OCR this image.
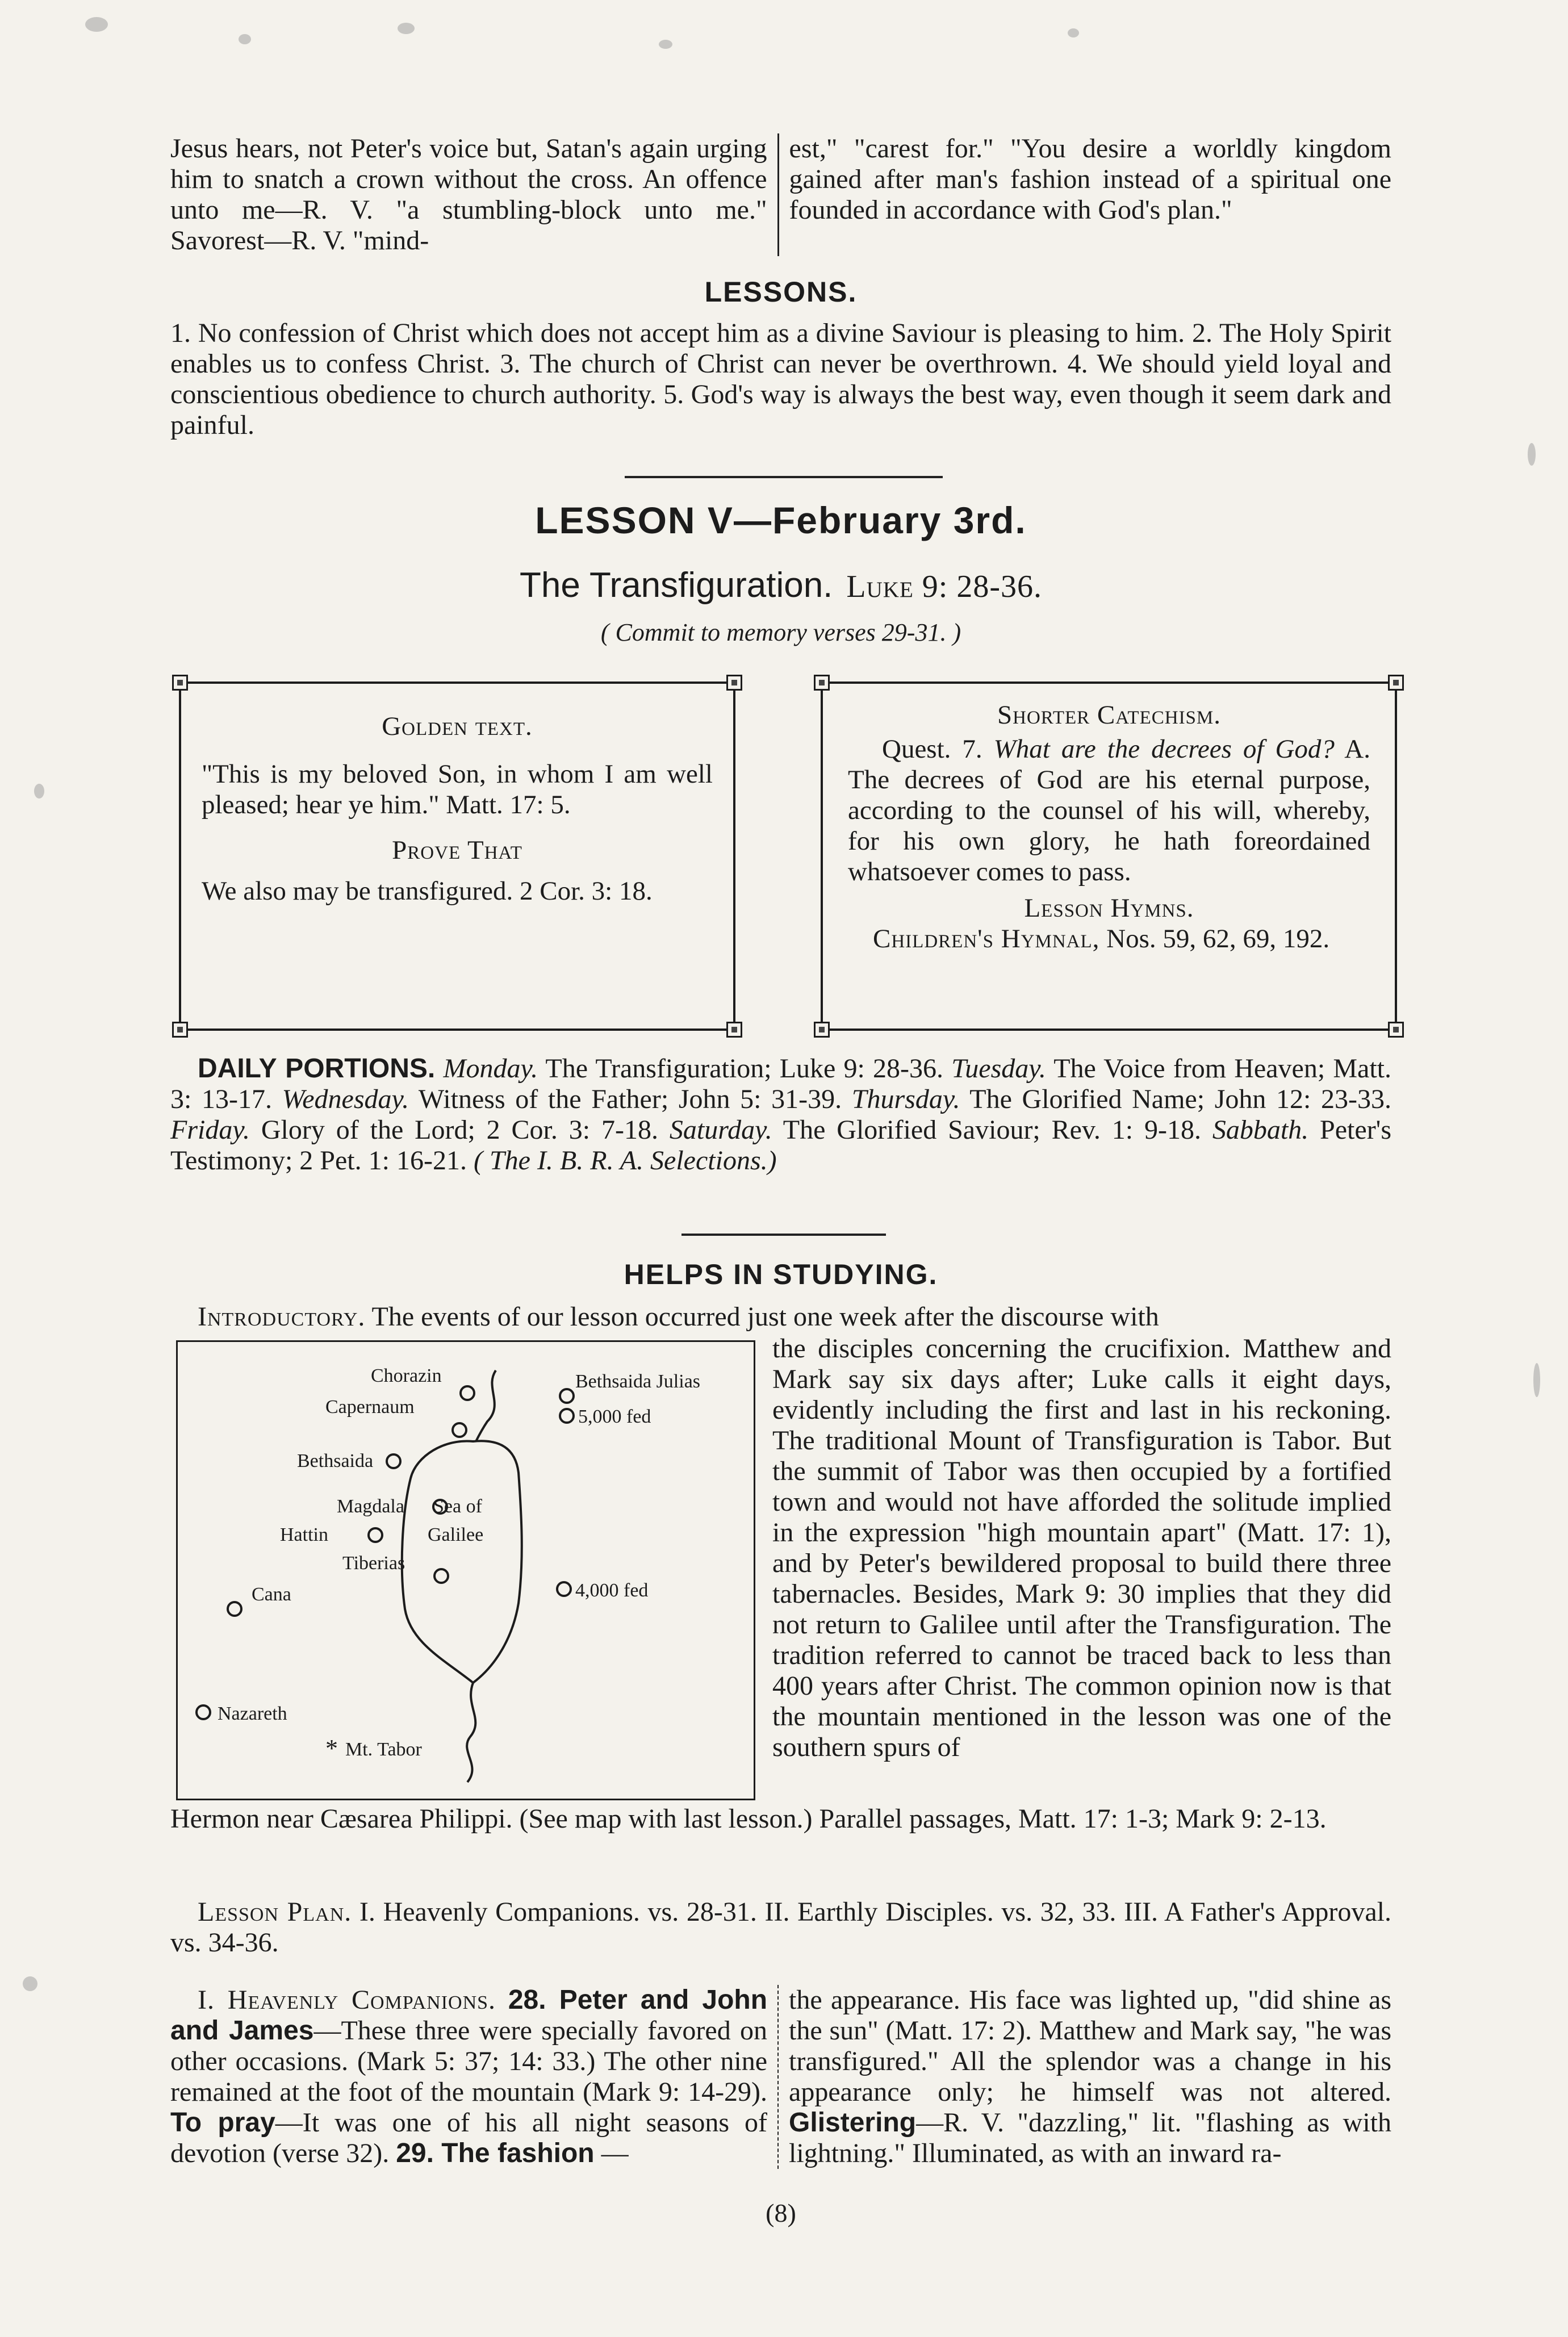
Jesus hears, not Peter's voice but, Satan's again urging him to snatch a crown without the cross. An offence unto me—R. V. "a stumbling-block unto me." Savorest—R. V. "mind-

est," "carest for." "You desire a worldly kingdom gained after man's fashion instead of a spiritual one founded in accordance with God's plan."

LESSONS.

1. No confession of Christ which does not accept him as a divine Saviour is pleasing to him. 2. The Holy Spirit enables us to confess Christ. 3. The church of Christ can never be overthrown. 4. We should yield loyal and conscientious obedience to church authority. 5. God's way is always the best way, even though it seem dark and painful.

LESSON V—February 3rd.
The Transfiguration. Luke 9: 28-36.
( Commit to memory verses 29-31. )
Golden text.
"This is my beloved Son, in whom I am well pleased; hear ye him." Matt. 17: 5.
Prove That
We also may be transfigured. 2 Cor. 3: 18.
Shorter Catechism.
Quest. 7. What are the decrees of God? A. The decrees of God are his eternal purpose, according to the counsel of his will, whereby, for his own glory, he hath foreordained whatsoever comes to pass.
Lesson Hymns.
Children's Hymnal, Nos. 59, 62, 69, 192.

DAILY PORTIONS. Monday. The Transfiguration; Luke 9: 28-36. Tuesday. The Voice from Heaven; Matt. 3: 13-17. Wednesday. Witness of the Father; John 5: 31-39. Thursday. The Glorified Name; John 12: 23-33. Friday. Glory of the Lord; 2 Cor. 3: 7-18. Saturday. The Glorified Saviour; Rev. 1: 9-18. Sabbath. Peter's Testimony; 2 Pet. 1: 16-21. ( The I. B. R. A. Selections.)

HELPS IN STUDYING.

Introductory. The events of our lesson occurred just one week after the discourse with

Chorazin	Bethsaida Julias
Capernaum	5,000 fed
Bethsaida
Magdala Sea of
Galilee
Hattin
Tiberias
4,000 fed
Cana
Nazareth
* Mt. Tabor

the disciples concerning the crucifixion. Matthew and Mark say six days after; Luke calls it eight days, evidently including the first and last in his reckoning. The traditional Mount of Transfiguration is Tabor. But the summit of Tabor was then occupied by a fortified town and would not have afforded the solitude implied in the expression "high mountain apart" (Matt. 17: 1), and by Peter's bewildered proposal to build there three tabernacles. Besides, Mark 9: 30 implies that they did not return to Galilee until after the Transfiguration. The tradition referred to cannot be traced back to less than 400 years after Christ. The common opinion now is that the mountain mentioned in the lesson was one of the southern spurs of

Hermon near Cæsarea Philippi. (See map with last lesson.) Parallel passages, Matt. 17: 1-3; Mark 9: 2-13.

Lesson Plan. I. Heavenly Companions. vs. 28-31. II. Earthly Disciples. vs. 32, 33. III. A Father's Approval. vs. 34-36.

I. Heavenly Companions. 28. Peter and John and James—These three were specially favored on other occasions. (Mark 5: 37; 14: 33.) The other nine remained at the foot of the mountain (Mark 9: 14-29). To pray—It was one of his all night seasons of devotion (verse 32). 29. The fashion —

the appearance. His face was lighted up, "did shine as the sun" (Matt. 17: 2). Matthew and Mark say, "he was transfigured." All the splendor was a change in his appearance only; he himself was not altered. Glistering—R. V. "dazzling," lit. "flashing as with lightning." Illuminated, as with an inward ra-

(8)
